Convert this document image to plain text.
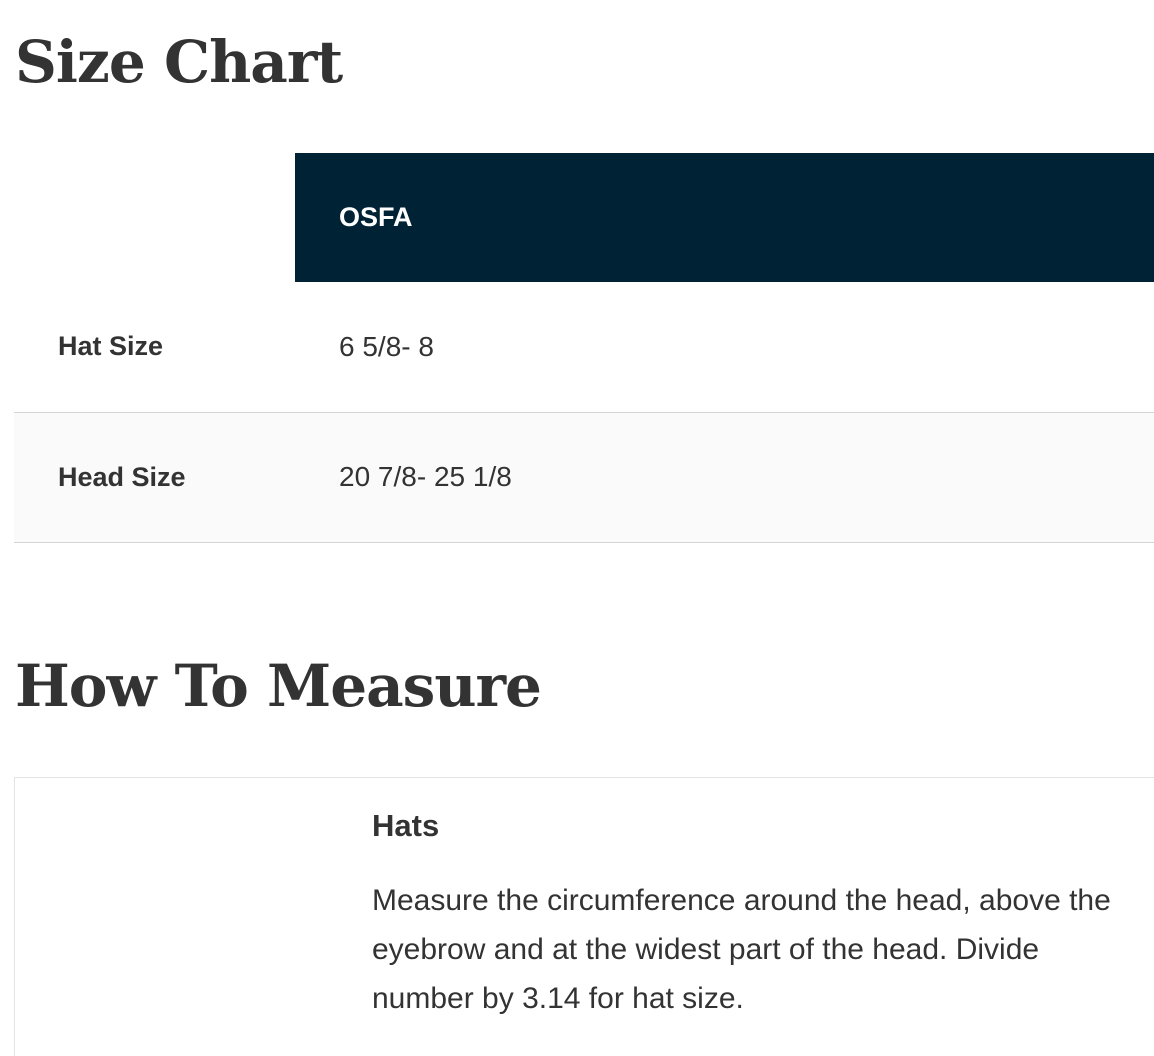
Size Chart
	OSFA
Hat Size	6 5/8- 8
Head Size	20 7/8- 25 1/8
How To Measure
Hats

Measure the circumference around the head, above the eyebrow and at the widest part of the head. Divide number by 3.14 for hat size.
